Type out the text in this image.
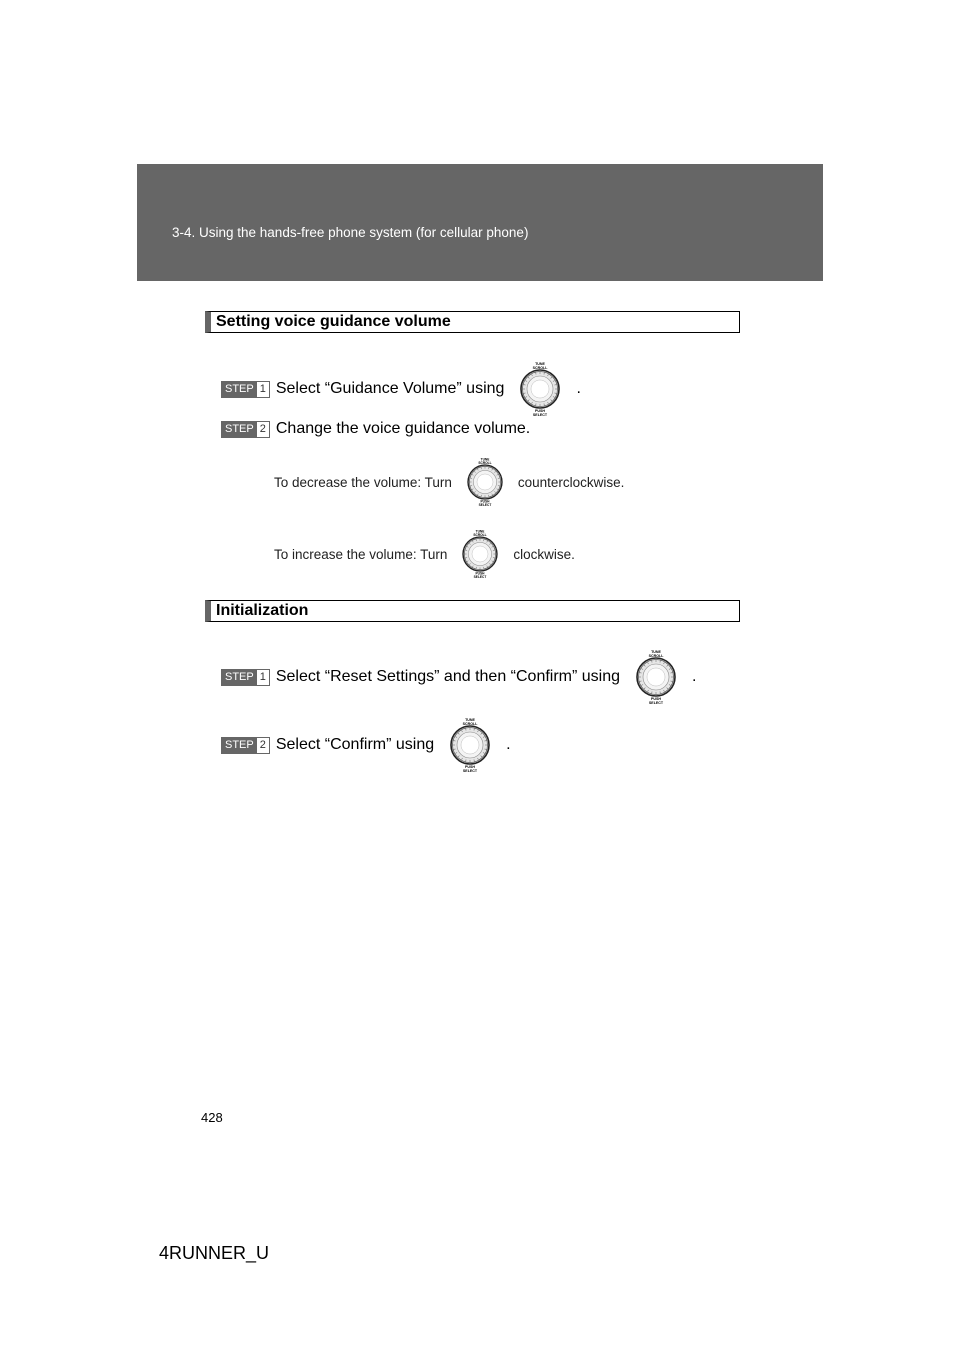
3-4. Using the hands-free phone system (for cellular phone)
Setting voice guidance volume
STEP 1 Select “Guidance Volume” using
TUNE
SCROLL
PUSH
SELECT
.
STEP 2 Change the voice guidance volume.
To decrease the volume: Turn
TUNE
SCROLL
PUSH
SELECT
counterclockwise.
To increase the volume: Turn
TUNE
SCROLL
PUSH
SELECT
clockwise.
Initialization
STEP 1 Select “Reset Settings” and then “Confirm” using
TUNE
SCROLL
PUSH
SELECT
.
STEP 2 Select “Confirm” using
TUNE
SCROLL
PUSH
SELECT
.
428
4RUNNER_U
